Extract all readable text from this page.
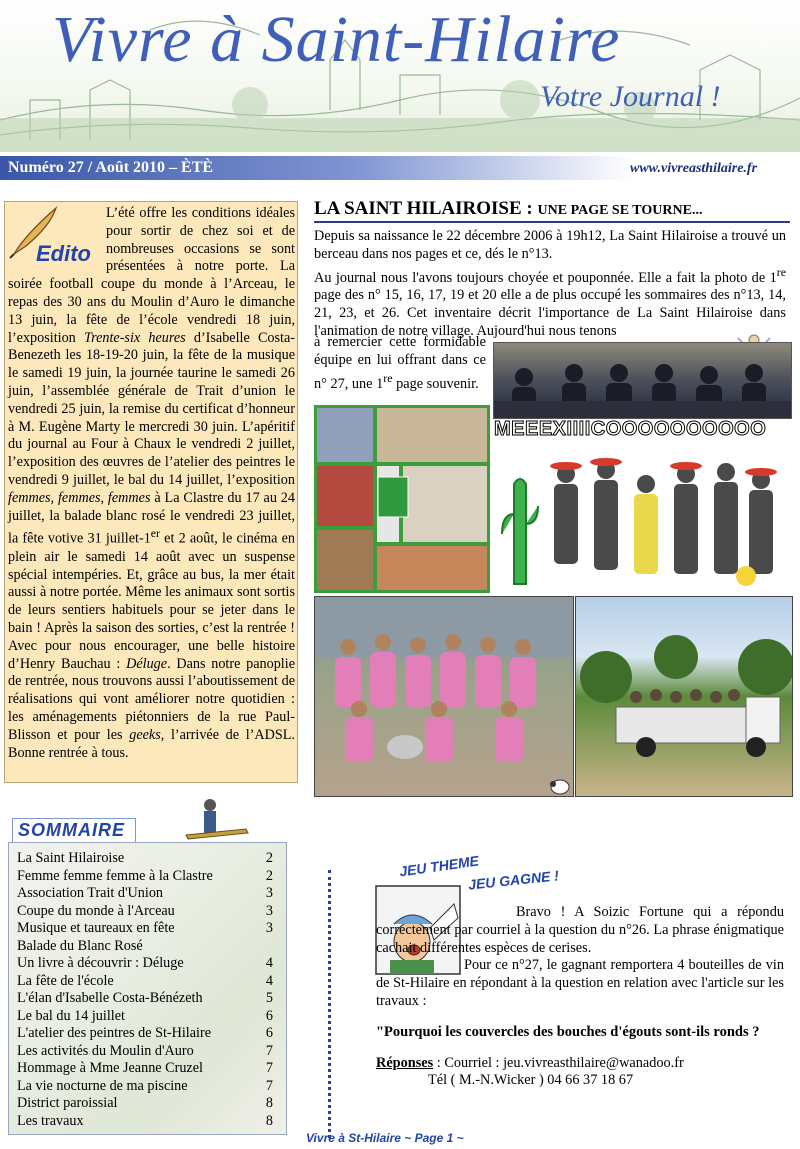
Vivre à Saint-Hilaire
Votre Journal !
Numéro 27 / Août 2010 – ÈTÈ	www.vivreasthilaire.fr
L’été offre les conditions idéales pour sortir de chez soi et de nombreuses occasions se sont présentées à notre porte. La soirée football coupe du monde à l’Arceau, le repas des 30 ans du Moulin d’Auro le dimanche 13 juin, la fête de l’école vendredi 18 juin, l’exposition Trente-six heures d’Isabelle Costa-Benezeth les 18-19-20 juin, la fête de la musique le samedi 19 juin, la journée taurine le samedi 26 juin, l’assemblée générale de Trait d’union le vendredi 25 juin, la remise du certificat d’honneur à M. Eugène Marty le mercredi 30 juin. L’apéritif du journal au Four à Chaux le vendredi 2 juillet, l’exposition des œuvres de l’atelier des peintres le vendredi 9 juillet, le bal du 14 juillet, l’exposition femmes, femmes, femmes à La Clastre du 17 au 24 juillet, la balade blanc rosé le vendredi 23 juillet, la fête votive 31 juillet-1er et 2 août, le cinéma en plein air le samedi 14 août avec un suspense spécial intempéries. Et, grâce au bus, la mer était aussi à notre portée. Même les animaux sont sortis de leurs sentiers habituels pour se jeter dans le bain ! Après la saison des sorties, c’est la rentrée ! Avec pour nous encourager, une belle histoire d’Henry Bauchau : Déluge. Dans notre panoplie de rentrée, nous trouvons aussi l’aboutissement de réalisations qui vont améliorer notre quotidien : les aménagements piétonniers de la rue Paul-Blisson et pour les geeks, l’arrivée de l’ADSL. Bonne rentrée à tous.
Edito
LA SAINT HILAIROISE : UNE PAGE SE TOURNE...
Depuis sa naissance le 22 décembre 2006 à 19h12, La Saint Hilairoise a trouvé un berceau dans nos pages et ce, dés le n°13.
Au journal nous l'avons toujours choyée et pouponnée. Elle a fait la photo de 1re page des n° 15, 16, 17, 19 et 20 elle a de plus occupé les sommaires des n°13, 14, 21, 23, et 26. Cet inventaire décrit l'importance de La Saint Hilairoise dans l'animation de notre village. Aujourd'hui nous tenons
à remercier cette formidable équipe en lui offrant dans ce n° 27, une 1re page souvenir.
MEEEXIIIICOOOOOOOOOO
SOMMAIRE
La Saint Hilairoise	2
Femme femme femme à la Clastre	2
Association Trait d'Union	3
Coupe du monde à l'Arceau	3
Musique et taureaux en fête	3
Balade du Blanc Rosé
Un livre à découvrir : Déluge	4
La fête de l'école	4
L'élan d'Isabelle Costa-Bénézeth	5
Le bal du 14 juillet	6
L'atelier des peintres de St-Hilaire	6
Les activités du Moulin d'Auro	7
Hommage à Mme Jeanne Cruzel	7
La vie nocturne de ma piscine	7
District paroissial	8
Les travaux	8
JEU THEME
JEU GAGNE !

Bravo ! A Soizic Fortune qui a répondu correctement par courriel à la question du n°26. La phrase énigmatique cachait différentes espèces de cerises.

Pour ce n°27, le gagnant remportera 4 bouteilles de vin de St-Hilaire en répondant à la question en relation avec l'article sur les travaux :

"Pourquoi les couvercles des bouches d'égouts sont-ils ronds ?
Réponses : Courriel : jeu.vivreasthilaire@wanadoo.fr
Tél ( M.-N.Wicker ) 04 66 37 18 67
Vivre à St-Hilaire ~ Page 1 ~
